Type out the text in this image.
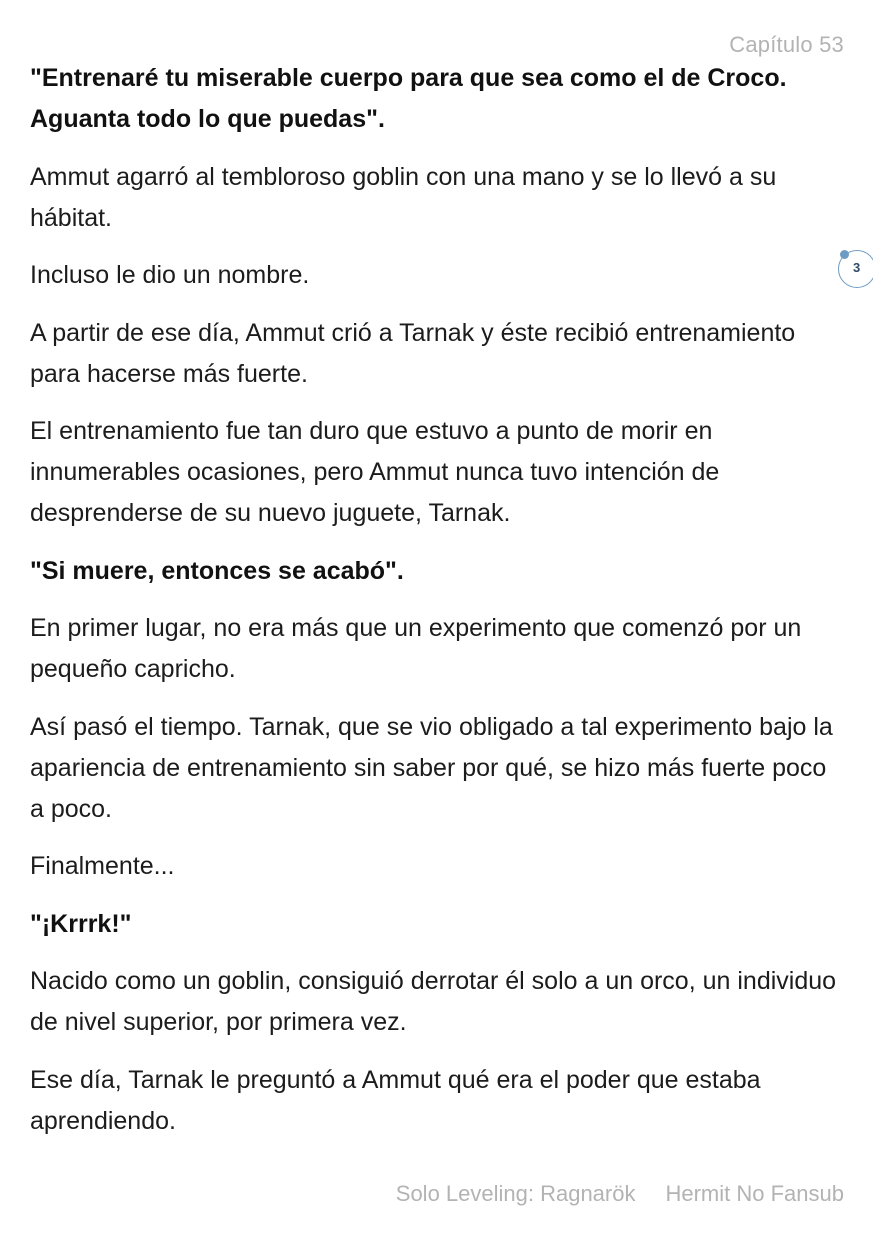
Capítulo 53

"Entrenaré tu miserable cuerpo para que sea como el de Croco. Aguanta todo lo que puedas".

Ammut agarró al tembloroso goblin con una mano y se lo llevó a su hábitat.

Incluso le dio un nombre.

A partir de ese día, Ammut crió a Tarnak y éste recibió entrenamiento para hacerse más fuerte.

El entrenamiento fue tan duro que estuvo a punto de morir en innumerables ocasiones, pero Ammut nunca tuvo intención de desprenderse de su nuevo juguete, Tarnak.

"Si muere, entonces se acabó".

En primer lugar, no era más que un experimento que comenzó por un pequeño capricho.

Así pasó el tiempo. Tarnak, que se vio obligado a tal experimento bajo la apariencia de entrenamiento sin saber por qué, se hizo más fuerte poco a poco.

Finalmente...

"¡Krrrk!"

Nacido como un goblin, consiguió derrotar él solo a un orco, un individuo de nivel superior, por primera vez.

Ese día, Tarnak le preguntó a Ammut qué era el poder que estaba aprendiendo.

3
Solo Leveling: Ragnarök Hermit No Fansub
